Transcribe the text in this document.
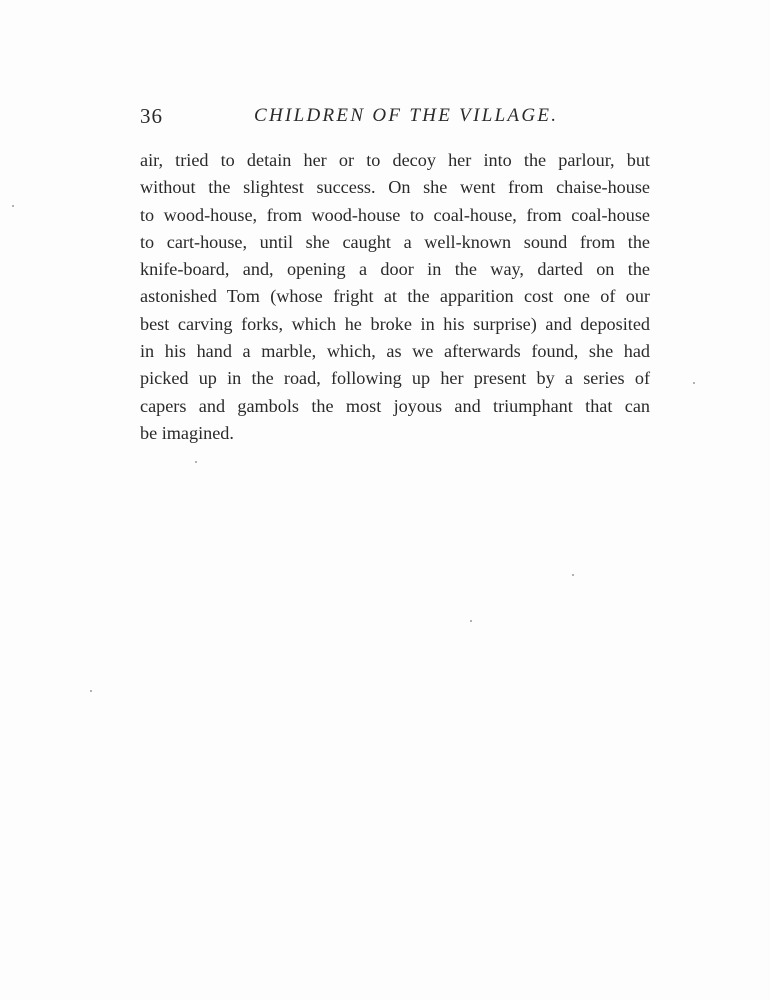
36	CHILDREN OF THE VILLAGE.
air, tried to detain her or to decoy her into the parlour, but
without the slightest success. On she went from chaise-house
to wood-house, from wood-house to coal-house, from coal-house
to cart-house, until she caught a well-known sound from the
knife-board, and, opening a door in the way, darted on the
astonished Tom (whose fright at the apparition cost one of our
best carving forks, which he broke in his surprise) and deposited
in his hand a marble, which, as we afterwards found, she had
picked up in the road, following up her present by a series of
capers and gambols the most joyous and triumphant that can
be imagined.
